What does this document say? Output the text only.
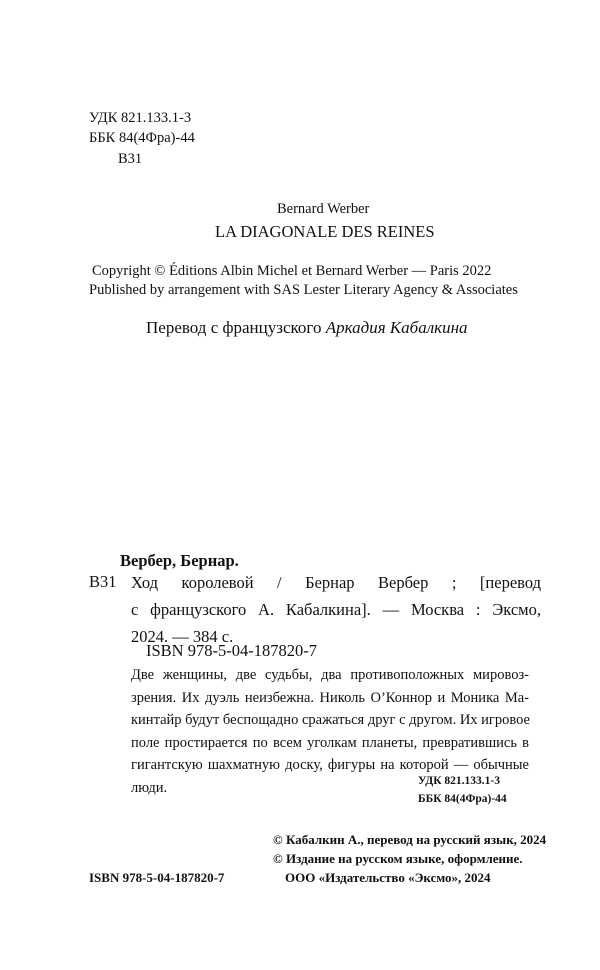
УДК 821.133.1-3
ББК 84(4Фра)-44
В31
Bernard Werber
LA DIAGONALE DES REINES
Copyright © Éditions Albin Michel et Bernard Werber — Paris 2022
Published by arrangement with SAS Lester Literary Agency & Associates
Перевод с французского Аркадия Кабалкина
Вербер, Бернар.
В31 Ход королевой / Бернар Вербер ; [перевод
с французского А. Кабалкина]. — Москва : Эксмо,
2024. — 384 с.
ISBN 978-5-04-187820-7
Две женщины, две судьбы, два противоположных мировоз-
зрения. Их дуэль неизбежна. Николь О’Коннор и Моника Ма-
кинтайр будут беспощадно сражаться друг с другом. Их игровое
поле простирается по всем уголкам планеты, превратившись в
гигантскую шахматную доску, фигуры на которой — обычные
люди.	УДК 821.133.1-3
ББК 84(4Фра)-44
© Кабалкин А., перевод на русский язык, 2024
© Издание на русском языке, оформление.
ООО «Издательство «Эксмо», 2024
ISBN 978-5-04-187820-7
